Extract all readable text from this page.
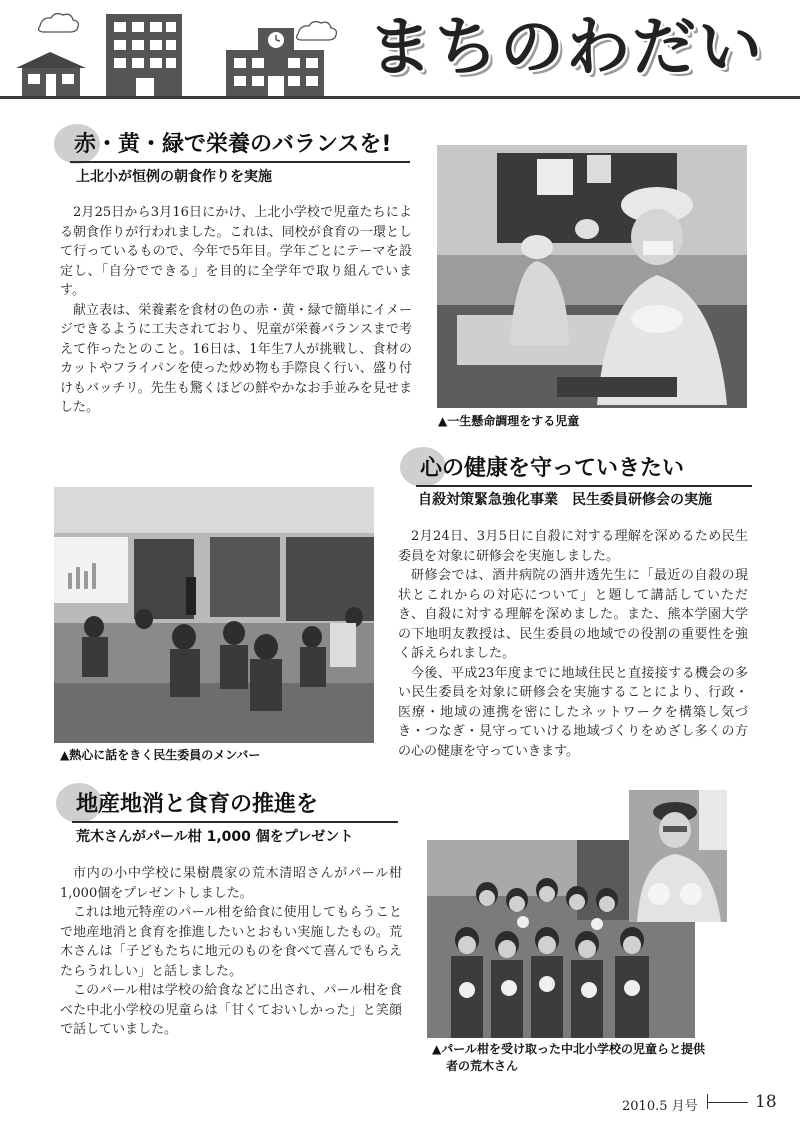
まちのわだい
赤・黄・緑で栄養のバランスを!
上北小が恒例の朝食作りを実施

2月25日から3月16日にかけ、上北小学校で児童たちによる朝食作りが行われました。これは、同校が食育の一環として行っているもので、今年で5年目。学年ごとにテーマを設定し、「自分でできる」を目的に全学年で取り組んでいます。

献立表は、栄養素を食材の色の赤・黄・緑で簡単にイメージできるように工夫されており、児童が栄養バランスまで考えて作ったとのこと。16日は、1年生7人が挑戦し、食材のカットやフライパンを使った炒め物も手際良く行い、盛り付けもバッチリ。先生も驚くほどの鮮やかなお手並みを見せました。

▲一生懸命調理をする児童
心の健康を守っていきたい
自殺対策緊急強化事業　民生委員研修会の実施
▲熱心に話をきく民生委員のメンバー

2月24日、3月5日に自殺に対する理解を深めるため民生委員を対象に研修会を実施しました。

研修会では、酒井病院の酒井透先生に「最近の自殺の現状とこれからの対応について」と題して講話していただき、自殺に対する理解を深めました。また、熊本学園大学の下地明友教授は、民生委員の地域での役割の重要性を強く訴えられました。

今後、平成23年度までに地域住民と直接接する機会の多い民生委員を対象に研修会を実施することにより、行政・医療・地域の連携を密にしたネットワークを構築し気づき・つなぎ・見守っていける地域づくりをめざし多くの方の心の健康を守っていきます。

地産地消と食育の推進を
荒木さんがパール柑 1,000 個をプレゼント

市内の小中学校に果樹農家の荒木清昭さんがパール柑1,000個をプレゼントしました。

これは地元特産のパール柑を給食に使用してもらうことで地産地消と食育を推進したいとおもい実施したもの。荒木さんは「子どもたちに地元のものを食べて喜んでもらえたらうれしい」と話しました。

このパール柑は学校の給食などに出され、パール柑を食べた中北小学校の児童らは「甘くておいしかった」と笑顔で話していました。

▲パール柑を受け取った中北小学校の児童らと提供
者の荒木さん
2010.5 月号	18
